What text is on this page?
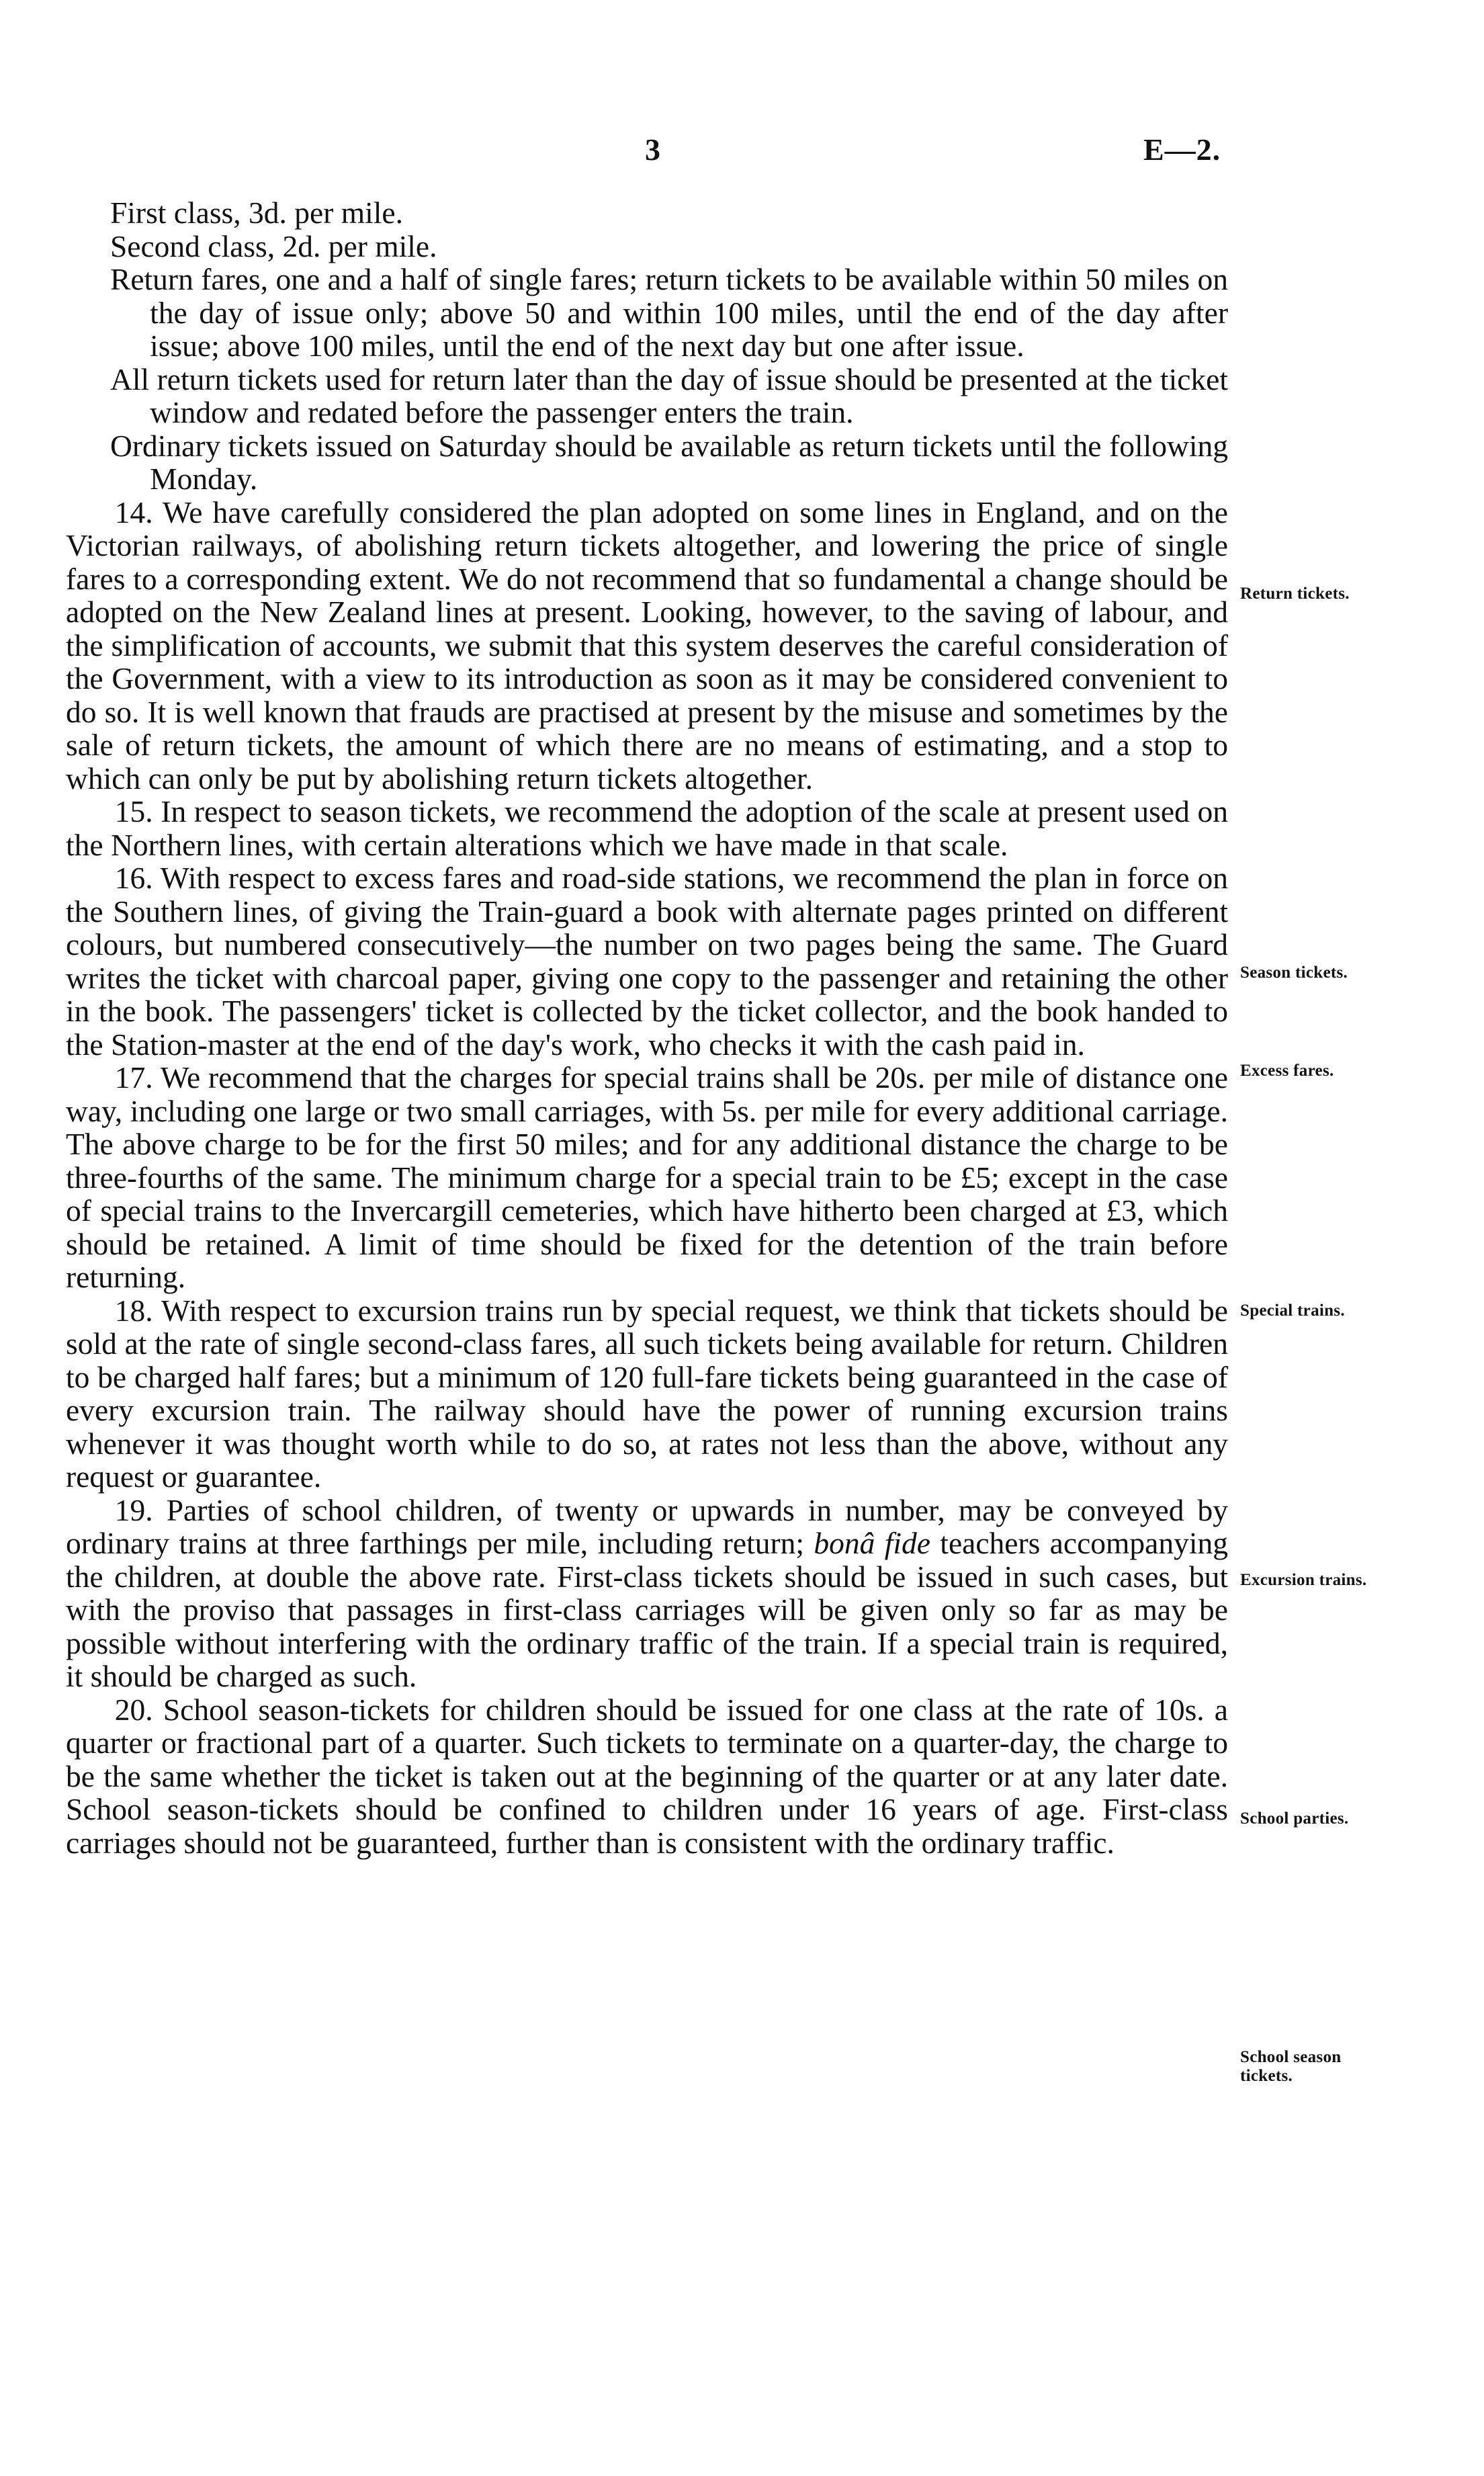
3	E—2.

First class, 3d. per mile.

Second class, 2d. per mile.

Return fares, one and a half of single fares; return tickets to be available within 50 miles on the day of issue only; above 50 and within 100 miles, until the end of the day after issue; above 100 miles, until the end of the next day but one after issue.

All return tickets used for return later than the day of issue should be presented at the ticket window and redated before the passenger enters the train.

Ordinary tickets issued on Saturday should be available as return tickets until the following Monday.

14. We have carefully considered the plan adopted on some lines in England, and on the Victorian railways, of abolishing return tickets altogether, and lowering the price of single fares to a corresponding extent. We do not recommend that so fundamental a change should be adopted on the New Zealand lines at present. Looking, however, to the saving of labour, and the simplification of accounts, we submit that this system deserves the careful consideration of the Government, with a view to its introduction as soon as it may be considered convenient to do so. It is well known that frauds are practised at present by the misuse and sometimes by the sale of return tickets, the amount of which there are no means of estimating, and a stop to which can only be put by abolishing return tickets altogether.

15. In respect to season tickets, we recommend the adoption of the scale at present used on the Northern lines, with certain alterations which we have made in that scale.

16. With respect to excess fares and road-side stations, we recommend the plan in force on the Southern lines, of giving the Train-guard a book with alternate pages printed on different colours, but numbered consecutively—the number on two pages being the same. The Guard writes the ticket with charcoal paper, giving one copy to the passenger and retaining the other in the book. The passengers' ticket is collected by the ticket collector, and the book handed to the Station-master at the end of the day's work, who checks it with the cash paid in.

17. We recommend that the charges for special trains shall be 20s. per mile of distance one way, including one large or two small carriages, with 5s. per mile for every additional carriage. The above charge to be for the first 50 miles; and for any additional distance the charge to be three-fourths of the same. The minimum charge for a special train to be £5; except in the case of special trains to the Invercargill cemeteries, which have hitherto been charged at £3, which should be retained. A limit of time should be fixed for the detention of the train before returning.

18. With respect to excursion trains run by special request, we think that tickets should be sold at the rate of single second-class fares, all such tickets being available for return. Children to be charged half fares; but a minimum of 120 full-fare tickets being guaranteed in the case of every excursion train. The railway should have the power of running excursion trains whenever it was thought worth while to do so, at rates not less than the above, without any request or guarantee.

19. Parties of school children, of twenty or upwards in number, may be conveyed by ordinary trains at three farthings per mile, including return; bonâ fide teachers accompanying the children, at double the above rate. First-class tickets should be issued in such cases, but with the proviso that passages in first-class carriages will be given only so far as may be possible without interfering with the ordinary traffic of the train. If a special train is required, it should be charged as such.

20. School season-tickets for children should be issued for one class at the rate of 10s. a quarter or fractional part of a quarter. Such tickets to terminate on a quarter-day, the charge to be the same whether the ticket is taken out at the beginning of the quarter or at any later date. School season-tickets should be confined to children under 16 years of age. First-class carriages should not be guaranteed, further than is consistent with the ordinary traffic.

Return tickets.
Season tickets.
Excess fares.
Special trains.
Excursion trains.
School parties.
School season tickets.
